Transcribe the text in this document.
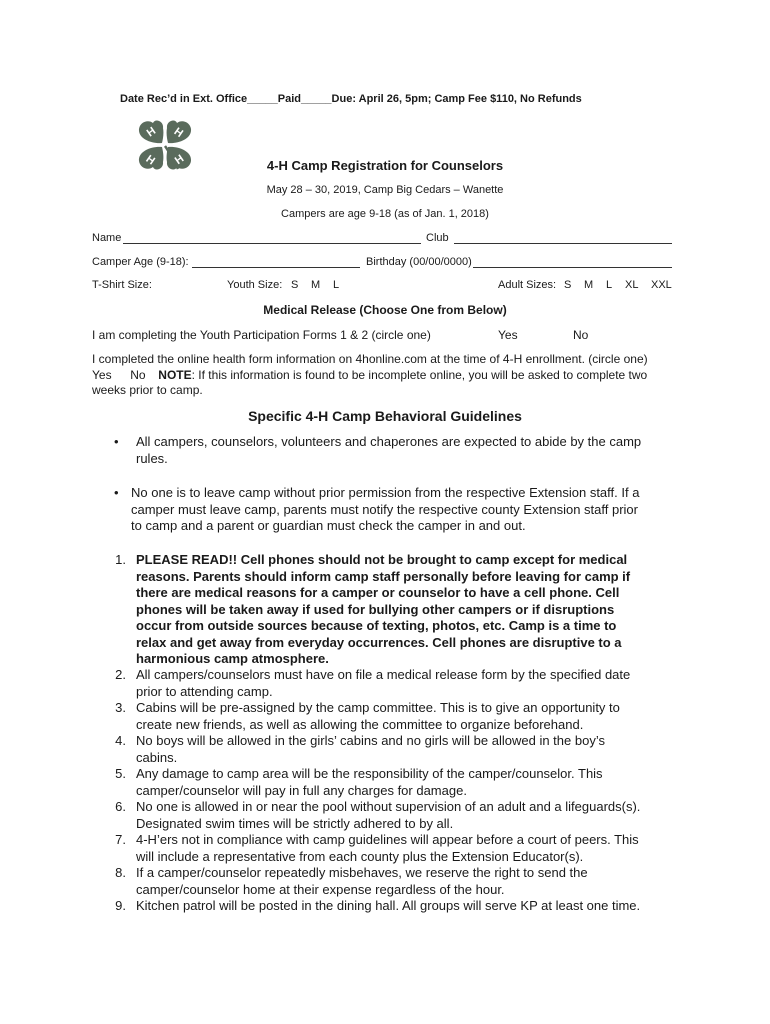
Date Rec’d in Ext. Office_____Paid_____Due: April 26, 5pm; Camp Fee $110, No Refunds
H H
H H	4-H Camp Registration for Counselors
May 28 – 30, 2019, Camp Big Cedars – Wanette
Campers are age 9-18 (as of Jan. 1, 2018)
Name	Club
Camper Age (9-18):	Birthday (00/00/0000)
T-Shirt Size:	Youth Size: S M L	Adult Sizes: S M L XL XXL
Medical Release (Choose One from Below)
I am completing the Youth Participation Forms 1 & 2 (circle one)	Yes	No
I completed the online health form information on 4honline.com at the time of 4-H enrollment. (circle one)
Yes No NOTE: If this information is found to be incomplete online, you will be asked to complete two
weeks prior to camp.
Specific 4-H Camp Behavioral Guidelines
• All campers, counselors, volunteers and chaperones are expected to abide by the camp

rules.

• No one is to leave camp without prior permission from the respective Extension staff. If a

camper must leave camp, parents must notify the respective county Extension staff prior

to camp and a parent or guardian must check the camper in and out.

1. PLEASE READ!! Cell phones should not be brought to camp except for medical

reasons. Parents should inform camp staff personally before leaving for camp if

there are medical reasons for a camper or counselor to have a cell phone. Cell

phones will be taken away if used for bullying other campers or if disruptions

occur from outside sources because of texting, photos, etc. Camp is a time to

relax and get away from everyday occurrences. Cell phones are disruptive to a

harmonious camp atmosphere.

2. All campers/counselors must have on file a medical release form by the specified date

prior to attending camp.

3. Cabins will be pre-assigned by the camp committee. This is to give an opportunity to

create new friends, as well as allowing the committee to organize beforehand.

4. No boys will be allowed in the girls’ cabins and no girls will be allowed in the boy’s

cabins.

5. Any damage to camp area will be the responsibility of the camper/counselor. This

camper/counselor will pay in full any charges for damage.

6. No one is allowed in or near the pool without supervision of an adult and a lifeguards(s).

Designated swim times will be strictly adhered to by all.

7. 4-H’ers not in compliance with camp guidelines will appear before a court of peers. This

will include a representative from each county plus the Extension Educator(s).

8. If a camper/counselor repeatedly misbehaves, we reserve the right to send the

camper/counselor home at their expense regardless of the hour.

9. Kitchen patrol will be posted in the dining hall. All groups will serve KP at least one time.
